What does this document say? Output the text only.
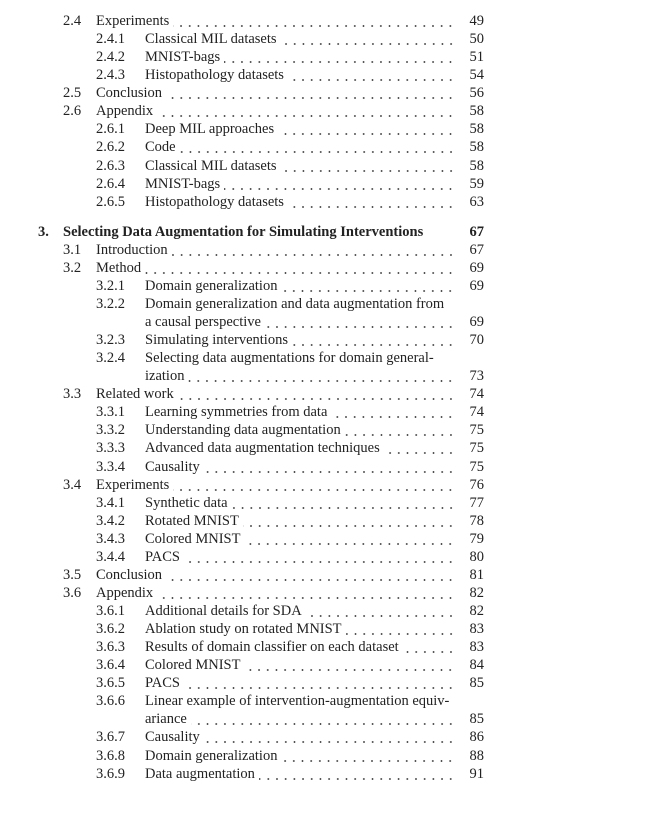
2.4 Experiments	49
2.4.1 Classical MIL datasets	50
2.4.2 MNIST-bags	51
2.4.3 Histopathology datasets	54
2.5 Conclusion	56
2.6 Appendix	58
2.6.1 Deep MIL approaches	58
2.6.2 Code	58
2.6.3 Classical MIL datasets	58
2.6.4 MNIST-bags	59
2.6.5 Histopathology datasets	63
3. Selecting Data Augmentation for Simulating Interventions	67
3.1 Introduction	67
3.2 Method	69
3.2.1 Domain generalization	69
3.2.2 Domain generalization and data augmentation from
a causal perspective	69
3.2.3 Simulating interventions	70
3.2.4 Selecting data augmentations for domain general-
ization	73
3.3 Related work	74
3.3.1 Learning symmetries from data	74
3.3.2 Understanding data augmentation	75
3.3.3 Advanced data augmentation techniques	75
3.3.4 Causality	75
3.4 Experiments	76
3.4.1 Synthetic data	77
3.4.2 Rotated MNIST	78
3.4.3 Colored MNIST	79
3.4.4 PACS	80
3.5 Conclusion	81
3.6 Appendix	82
3.6.1 Additional details for SDA	82
3.6.2 Ablation study on rotated MNIST	83
3.6.3 Results of domain classifier on each dataset	83
3.6.4 Colored MNIST	84
3.6.5 PACS	85
3.6.6 Linear example of intervention-augmentation equiv-
ariance	85
3.6.7 Causality	86
3.6.8 Domain generalization	88
3.6.9 Data augmentation	91
